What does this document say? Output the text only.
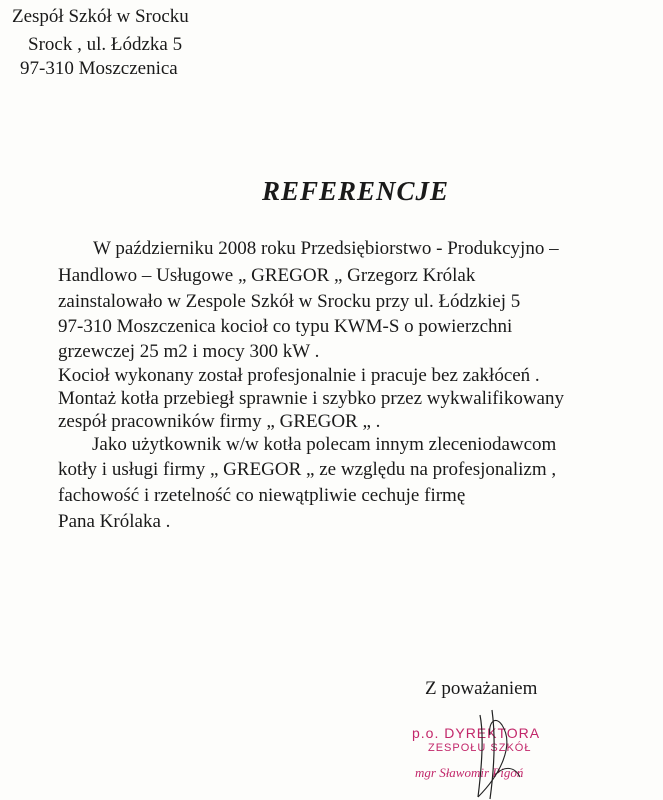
Zespół Szkół w Srocku
Srock , ul. Łódzka 5
97-310 Moszczenica
REFERENCJE
W październiku 2008 roku Przedsiębiorstwo - Produkcyjno –
Handlowo – Usługowe „ GREGOR „ Grzegorz Królak
zainstalowało w Zespole Szkół w Srocku przy ul. Łódzkiej 5
97-310 Moszczenica kocioł co typu KWM-S o powierzchni
grzewczej 25 m2 i mocy 300 kW .
Kocioł wykonany został profesjonalnie i pracuje bez zakłóceń .
Montaż kotła przebiegł sprawnie i szybko przez wykwalifikowany
zespół pracowników firmy „ GREGOR „ .
Jako użytkownik w/w kotła polecam innym zleceniodawcom
kotły i usługi firmy „ GREGOR „ ze względu na profesjonalizm ,
fachowość i rzetelność co niewątpliwie cechuje firmę
Pana Królaka .
Z poważaniem
p.o. DYREKTORA
ZESPOŁU SZKÓŁ
mgr Sławomir Pigoń
